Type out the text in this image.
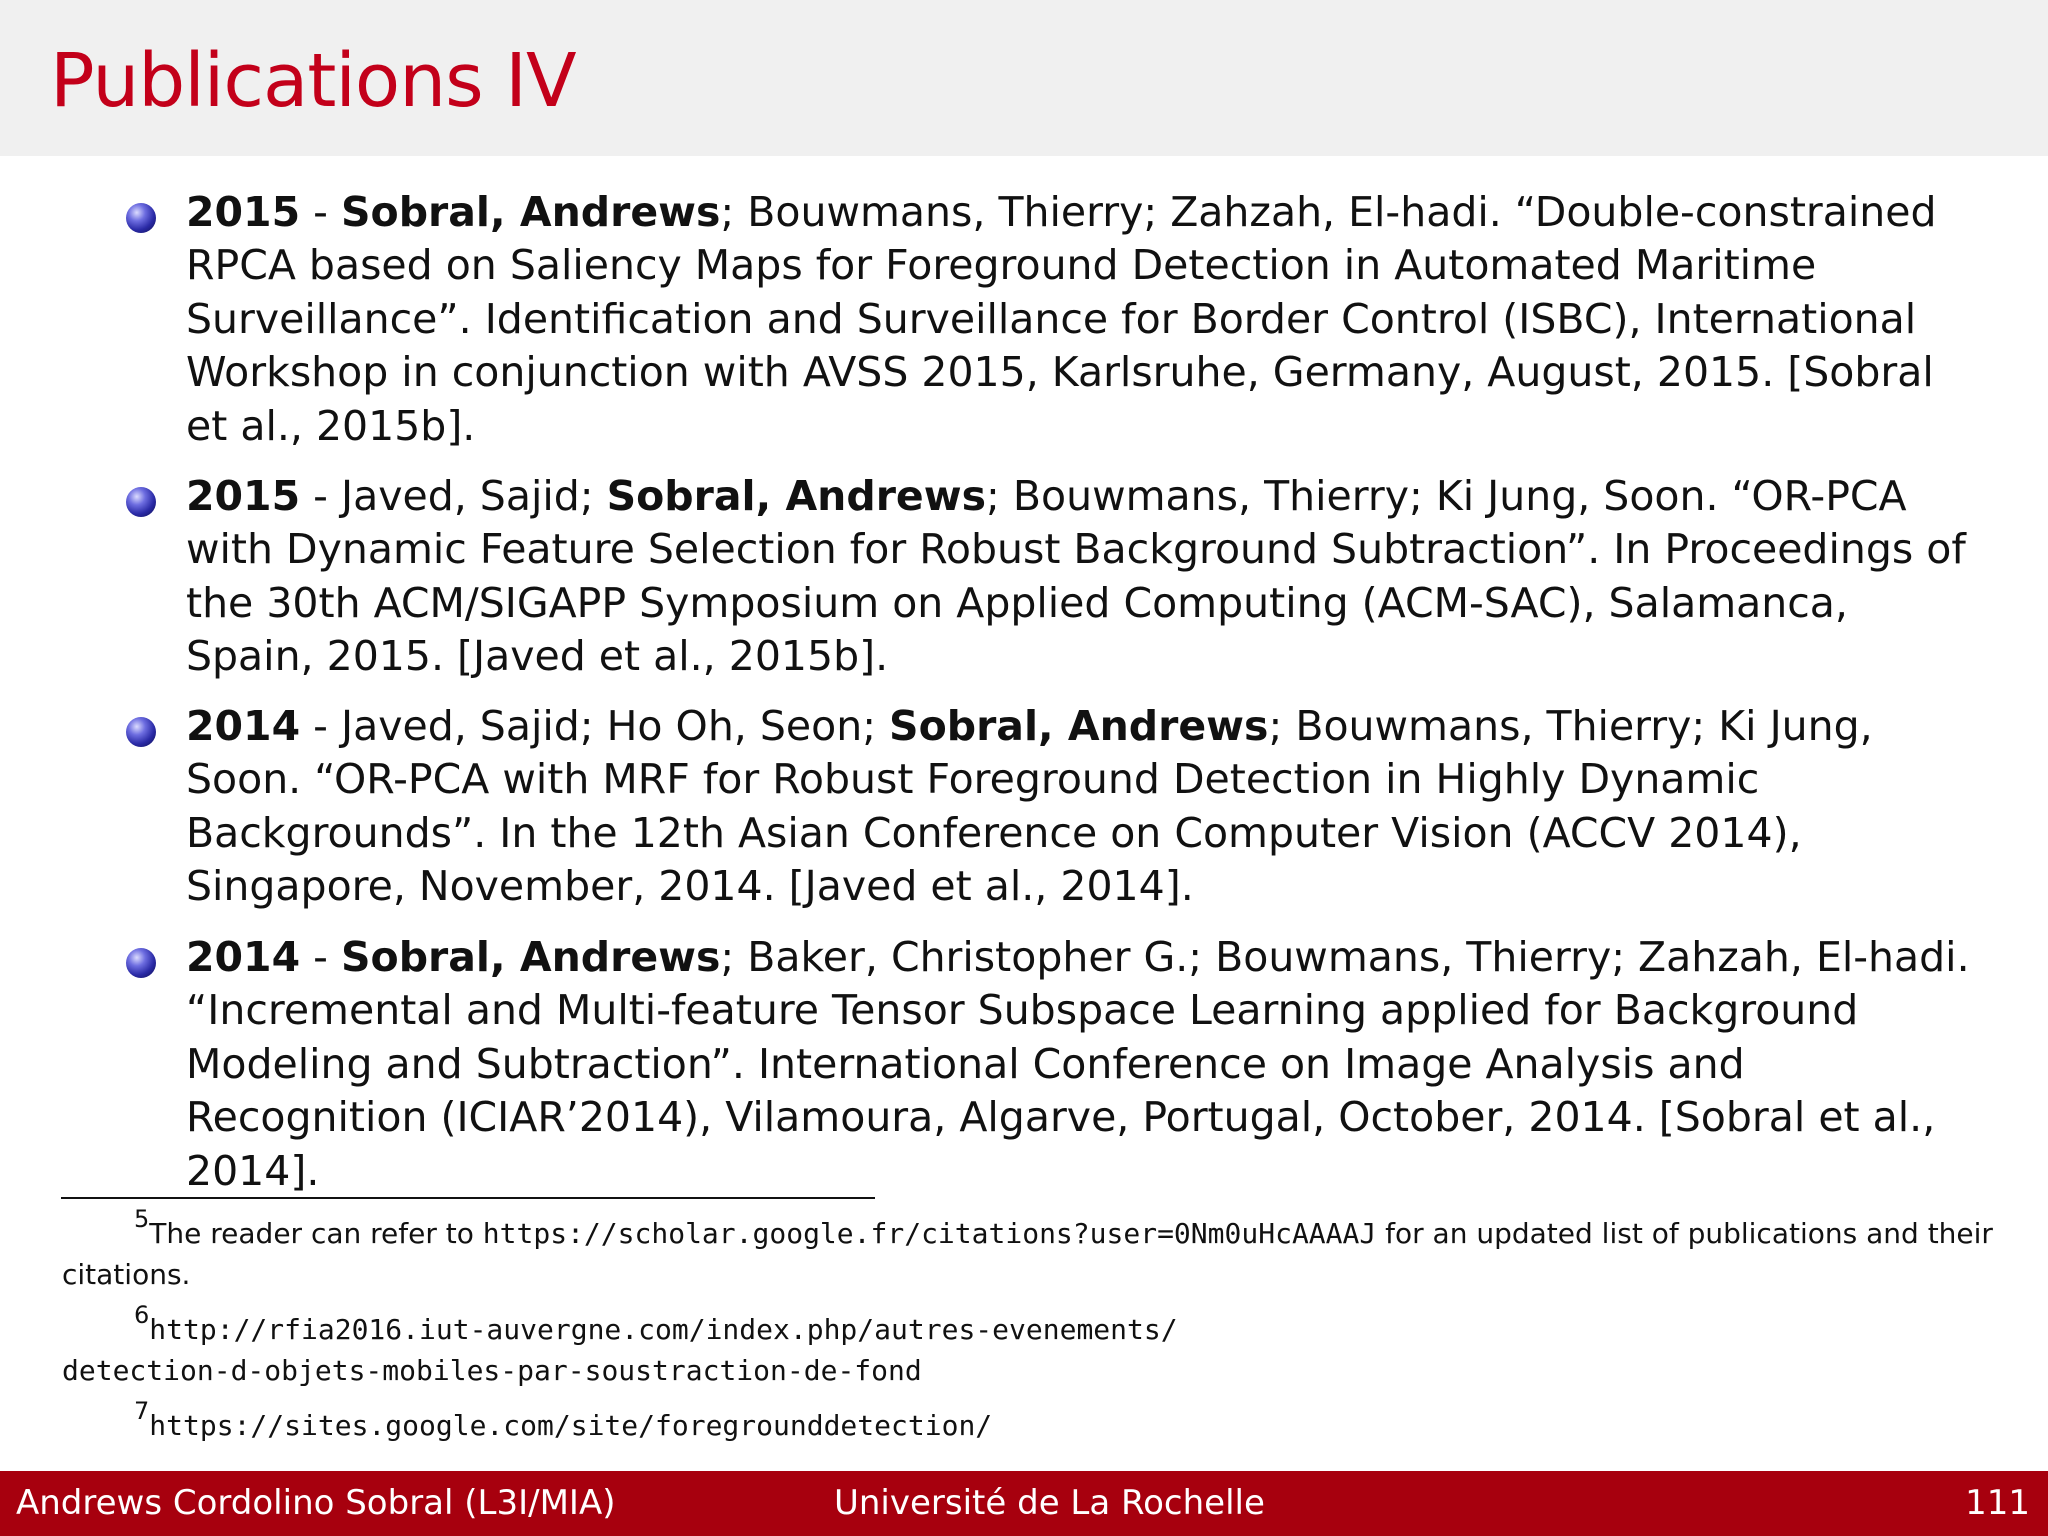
Publications IV

2015 - Sobral, Andrews; Bouwmans, Thierry; Zahzah, El-hadi. “Double-constrained RPCA based on Saliency Maps for Foreground Detection in Automated Maritime Surveillance”. Identification and Surveillance for Border Control (ISBC), International Workshop in conjunction with AVSS 2015, Karlsruhe, Germany, August, 2015. [Sobral et al., 2015b].

2015 - Javed, Sajid; Sobral, Andrews; Bouwmans, Thierry; Ki Jung, Soon. “OR-PCA with Dynamic Feature Selection for Robust Background Subtraction”. In Proceedings of the 30th ACM/SIGAPP Symposium on Applied Computing (ACM-SAC), Salamanca, Spain, 2015. [Javed et al., 2015b].

2014 - Javed, Sajid; Ho Oh, Seon; Sobral, Andrews; Bouwmans, Thierry; Ki Jung, Soon. “OR-PCA with MRF for Robust Foreground Detection in Highly Dynamic Backgrounds”. In the 12th Asian Conference on Computer Vision (ACCV 2014), Singapore, November, 2014. [Javed et al., 2014].

2014 - Sobral, Andrews; Baker, Christopher G.; Bouwmans, Thierry; Zahzah, El-hadi. “Incremental and Multi-feature Tensor Subspace Learning applied for Background Modeling and Subtraction”. International Conference on Image Analysis and Recognition (ICIAR’2014), Vilamoura, Algarve, Portugal, October, 2014. [Sobral et al., 2014].

5The reader can refer to https://scholar.google.fr/citations?user=0Nm0uHcAAAAJ for an updated list of publications and their citations.
6http://rfia2016.iut-auvergne.com/index.php/autres-evenements/
detection-d-objets-mobiles-par-soustraction-de-fond
7https://sites.google.com/site/foregrounddetection/
Andrews Cordolino Sobral (L3I/MIA)	Université de La Rochelle	111
